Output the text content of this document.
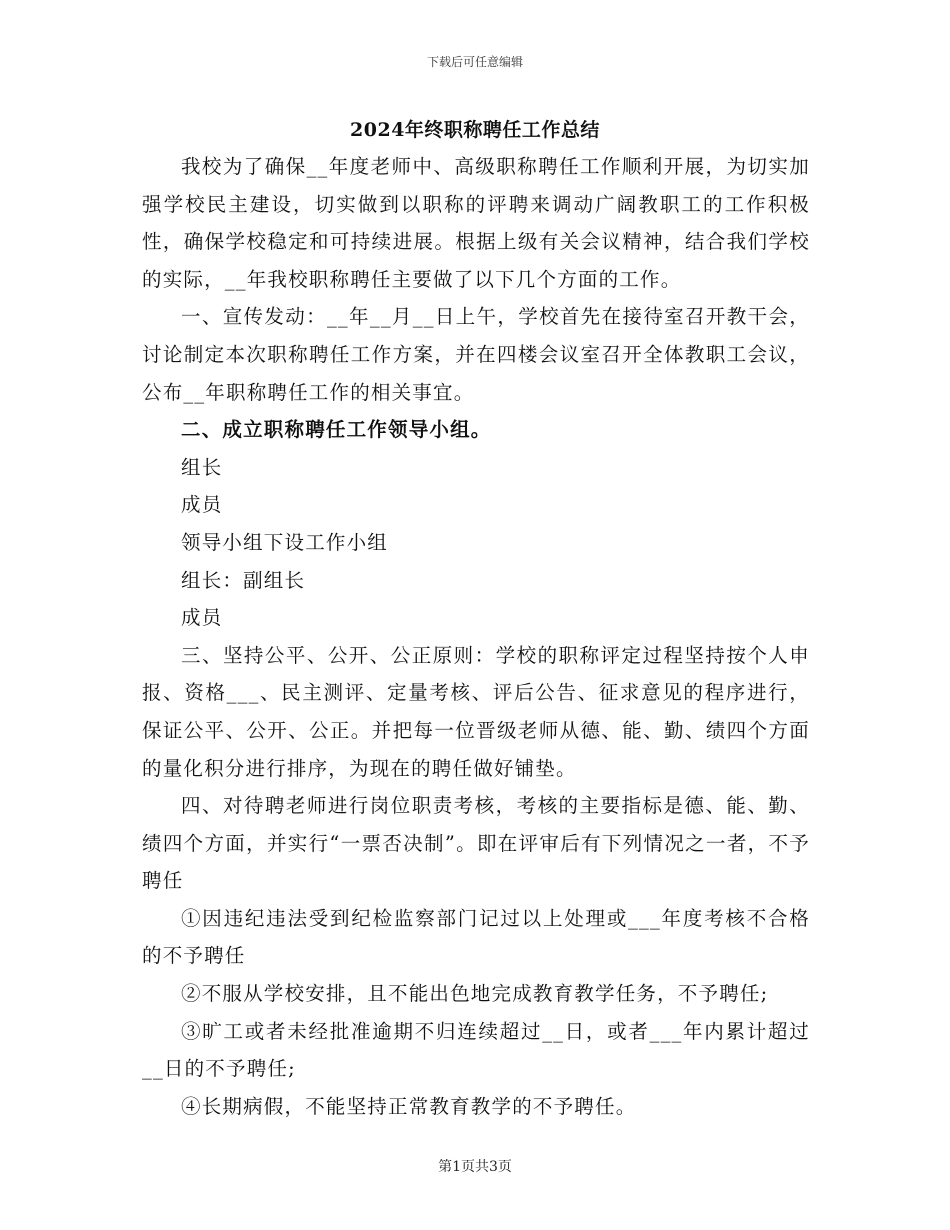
下载后可任意编辑
2024年终职称聘任工作总结

我校为了确保__年度老师中、高级职称聘任工作顺利开展，为切实加强学校民主建设，切实做到以职称的评聘来调动广阔教职工的工作积极性，确保学校稳定和可持续进展。根据上级有关会议精神，结合我们学校的实际，__年我校职称聘任主要做了以下几个方面的工作。

一、宣传发动：__年__月__日上午，学校首先在接待室召开教干会，讨论制定本次职称聘任工作方案，并在四楼会议室召开全体教职工会议，公布__年职称聘任工作的相关事宜。

二、成立职称聘任工作领导小组。

组长

成员

领导小组下设工作小组

组长：副组长

成员

三、坚持公平、公开、公正原则：学校的职称评定过程坚持按个人申报、资格___、民主测评、定量考核、评后公告、征求意见的程序进行，保证公平、公开、公正。并把每一位晋级老师从德、能、勤、绩四个方面的量化积分进行排序，为现在的聘任做好铺垫。

四、对待聘老师进行岗位职责考核，考核的主要指标是德、能、勤、绩四个方面，并实行“一票否决制”。即在评审后有下列情况之一者，不予聘任

①因违纪违法受到纪检监察部门记过以上处理或___年度考核不合格的不予聘任

②不服从学校安排，且不能出色地完成教育教学任务，不予聘任;

③旷工或者未经批准逾期不归连续超过__日，或者___年内累计超过__日的不予聘任;

④长期病假，不能坚持正常教育教学的不予聘任。

第1页共3页
